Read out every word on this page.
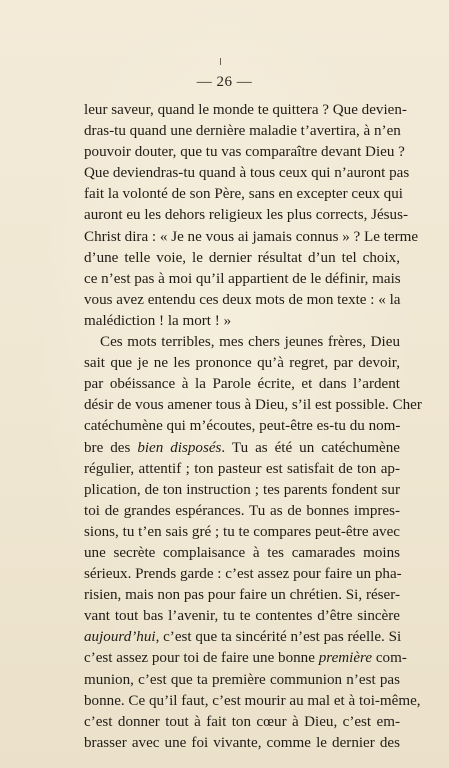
— 26 —
leur saveur, quand le monde te quittera ? Que devien-
dras-tu quand une dernière maladie t’avertira, à n’en
pouvoir douter, que tu vas comparaître devant Dieu ?
Que deviendras-tu quand à tous ceux qui n’auront pas
fait la volonté de son Père, sans en excepter ceux qui
auront eu les dehors religieux les plus corrects, Jésus-
Christ dira : « Je ne vous ai jamais connus » ? Le terme
d’une telle voie, le dernier résultat d’un tel choix,
ce n’est pas à moi qu’il appartient de le définir, mais
vous avez entendu ces deux mots de mon texte : « la
malédiction ! la mort ! »
Ces mots terribles, mes chers jeunes frères, Dieu
sait que je ne les prononce qu’à regret, par devoir,
par obéissance à la Parole écrite, et dans l’ardent
désir de vous amener tous à Dieu, s’il est possible. Cher
catéchumène qui m’écoutes, peut-être es-tu du nom-
bre des bien disposés. Tu as été un catéchumène
régulier, attentif ; ton pasteur est satisfait de ton ap-
plication, de ton instruction ; tes parents fondent sur
toi de grandes espérances. Tu as de bonnes impres-
sions, tu t’en sais gré ; tu te compares peut-être avec
une secrète complaisance à tes camarades moins
sérieux. Prends garde : c’est assez pour faire un pha-
risien, mais non pas pour faire un chrétien. Si, réser-
vant tout bas l’avenir, tu te contentes d’être sincère
aujourd’hui, c’est que ta sincérité n’est pas réelle. Si
c’est assez pour toi de faire une bonne première com-
munion, c’est que ta première communion n’est pas
bonne. Ce qu’il faut, c’est mourir au mal et à toi-même,
c’est donner tout à fait ton cœur à Dieu, c’est em-
brasser avec une foi vivante, comme le dernier des
